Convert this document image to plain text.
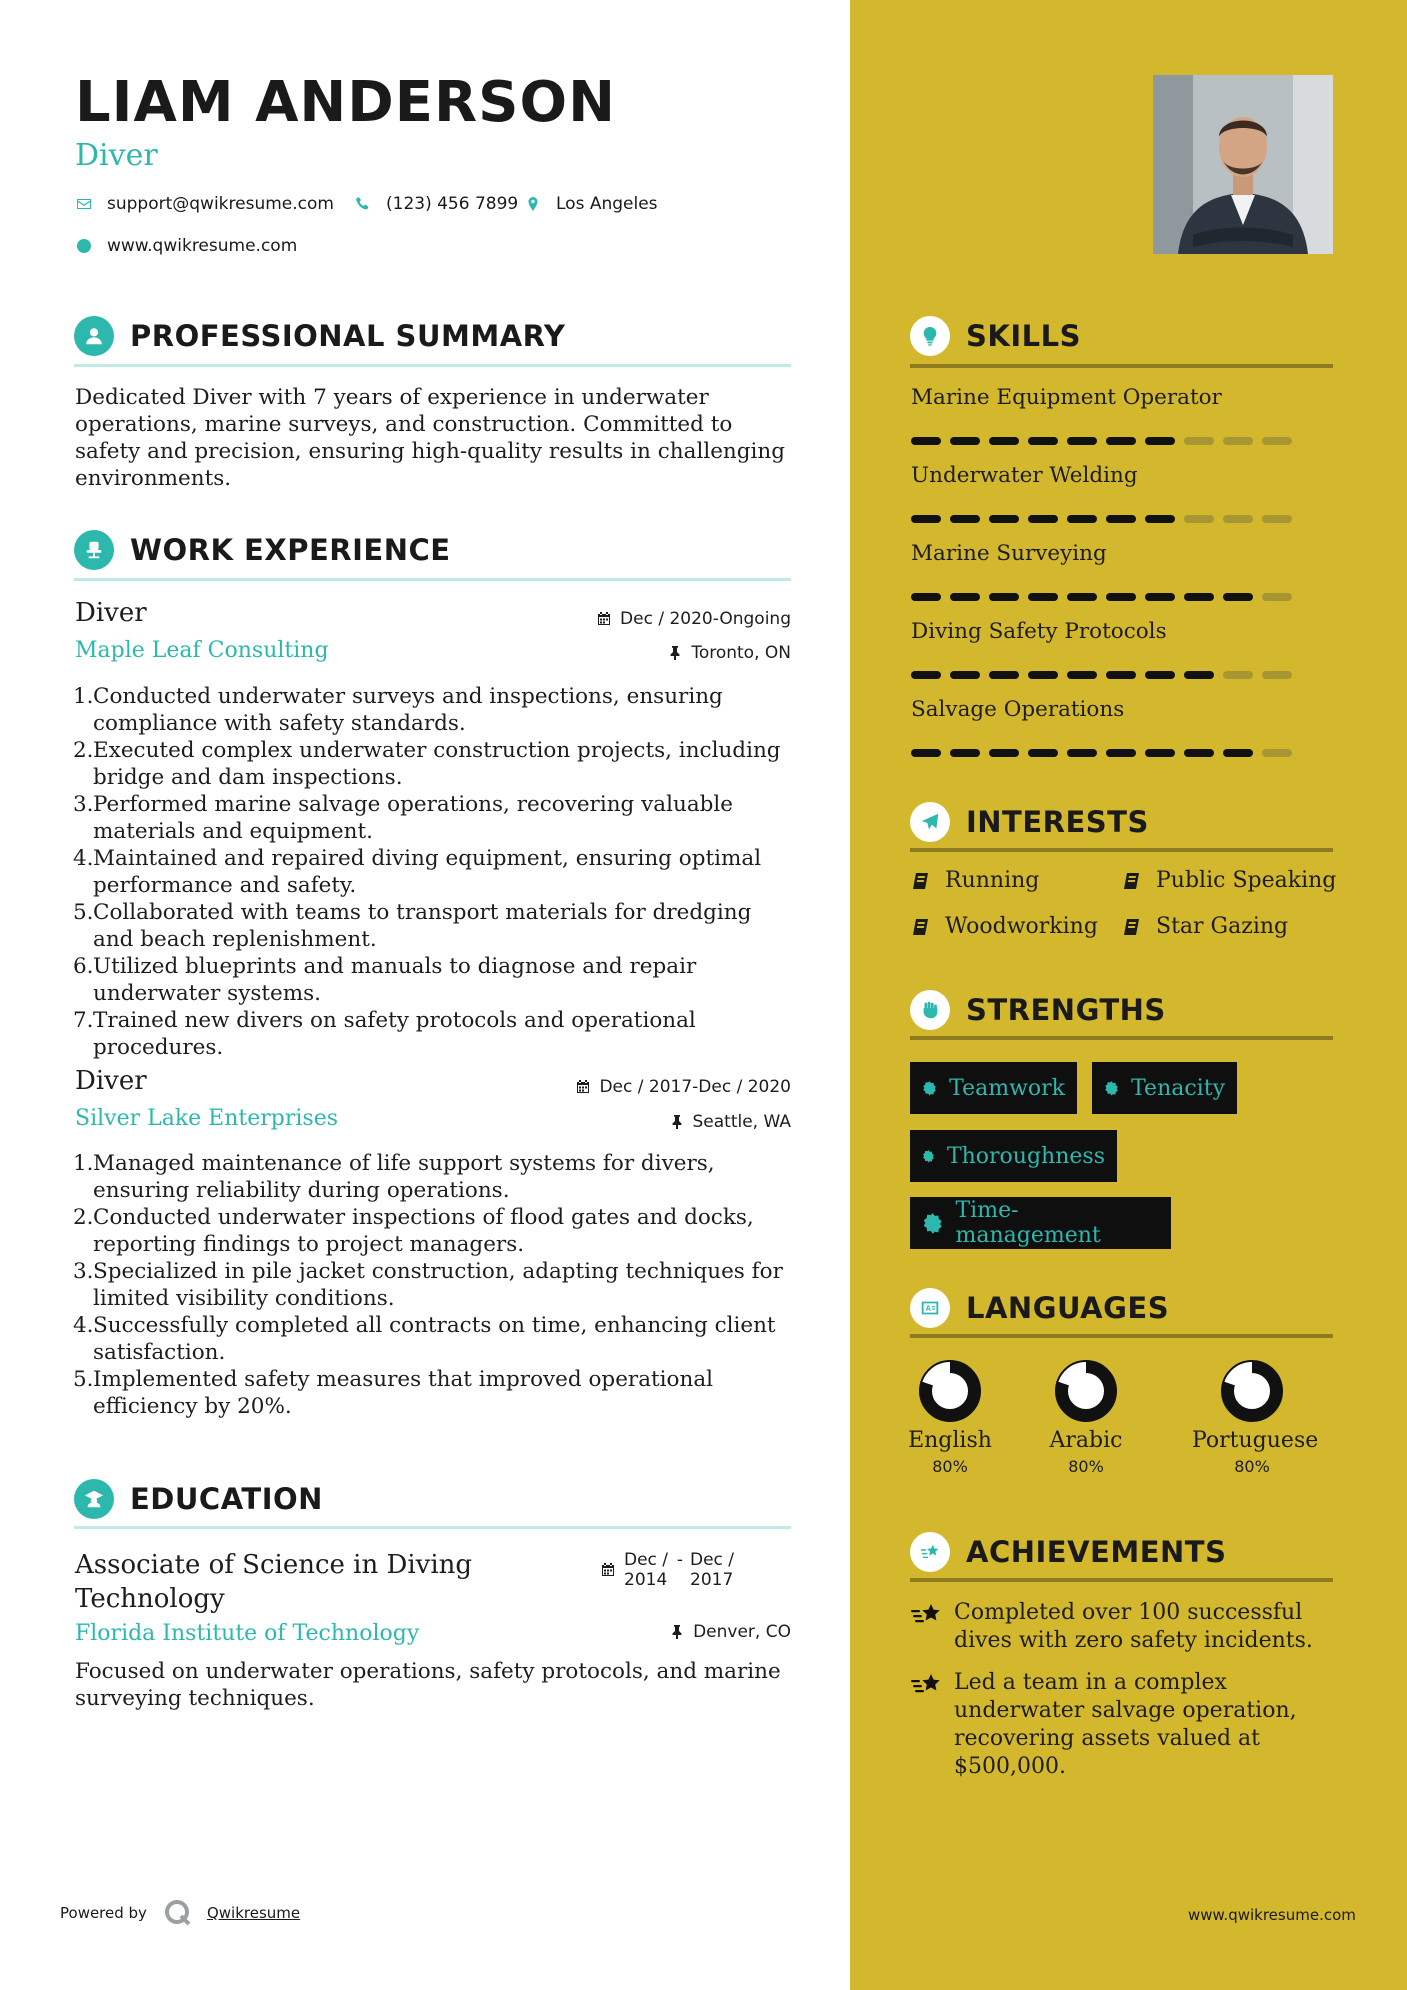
LIAM ANDERSON
Diver
support@qwikresume.com	(123) 456 7899 Los Angeles
www.qwikresume.com
PROFESSIONAL SUMMARY
Dedicated Diver with 7 years of experience in underwater operations, marine surveys, and construction. Committed to safety and precision, ensuring high-quality results in challenging environments.
WORK EXPERIENCE
Diver	Dec / 2020-Ongoing
Maple Leaf Consulting	Toronto, ON
1. Conducted underwater surveys and inspections, ensuring compliance with safety standards.
2. Executed complex underwater construction projects, including bridge and dam inspections.
3. Performed marine salvage operations, recovering valuable materials and equipment.
4. Maintained and repaired diving equipment, ensuring optimal performance and safety.
5. Collaborated with teams to transport materials for dredging and beach replenishment.
6. Utilized blueprints and manuals to diagnose and repair underwater systems.
7. Trained new divers on safety protocols and operational procedures.
Diver	Dec / 2017-Dec / 2020
Silver Lake Enterprises	Seattle, WA
1. Managed maintenance of life support systems for divers, ensuring reliability during operations.
2. Conducted underwater inspections of flood gates and docks, reporting findings to project managers.
3. Specialized in pile jacket construction, adapting techniques for limited visibility conditions.
4. Successfully completed all contracts on time, enhancing client satisfaction.
5. Implemented safety measures that improved operational efficiency by 20%.
EDUCATION
Associate of Science in Diving Technology
Dec / 2014
- Dec / 2017
Florida Institute of Technology	Denver, CO
Focused on underwater operations, safety protocols, and marine surveying techniques.
Powered by	Qwikresume
SKILLS
Marine Equipment Operator
Underwater Welding
Marine Surveying
Diving Safety Protocols
Salvage Operations
INTERESTS
Running	Public Speaking
Woodworking	Star Gazing
STRENGTHS
Teamwork	Tenacity
Thoroughness
Time-management
LANGUAGES
English
80%
Arabic
80%
Portuguese
80%
ACHIEVEMENTS
Completed over 100 successful dives with zero safety incidents.
Led a team in a complex underwater salvage operation, recovering assets valued at $500,000.
www.qwikresume.com
